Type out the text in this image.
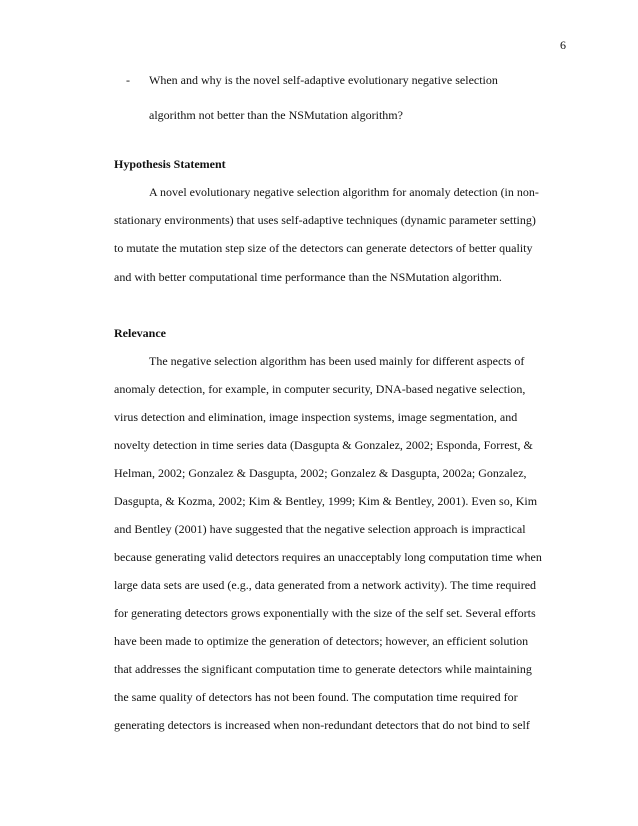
6
- When and why is the novel self-adaptive evolutionary negative selection
algorithm not better than the NSMutation algorithm?
Hypothesis Statement
A novel evolutionary negative selection algorithm for anomaly detection (in non-
stationary environments) that uses self-adaptive techniques (dynamic parameter setting)
to mutate the mutation step size of the detectors can generate detectors of better quality
and with better computational time performance than the NSMutation algorithm.
Relevance
The negative selection algorithm has been used mainly for different aspects of
anomaly detection, for example, in computer security, DNA-based negative selection,
virus detection and elimination, image inspection systems, image segmentation, and
novelty detection in time series data (Dasgupta & Gonzalez, 2002; Esponda, Forrest, &
Helman, 2002; Gonzalez & Dasgupta, 2002; Gonzalez & Dasgupta, 2002a; Gonzalez,
Dasgupta, & Kozma, 2002; Kim & Bentley, 1999; Kim & Bentley, 2001). Even so, Kim
and Bentley (2001) have suggested that the negative selection approach is impractical
because generating valid detectors requires an unacceptably long computation time when
large data sets are used (e.g., data generated from a network activity). The time required
for generating detectors grows exponentially with the size of the self set. Several efforts
have been made to optimize the generation of detectors; however, an efficient solution
that addresses the significant computation time to generate detectors while maintaining
the same quality of detectors has not been found. The computation time required for
generating detectors is increased when non-redundant detectors that do not bind to self
